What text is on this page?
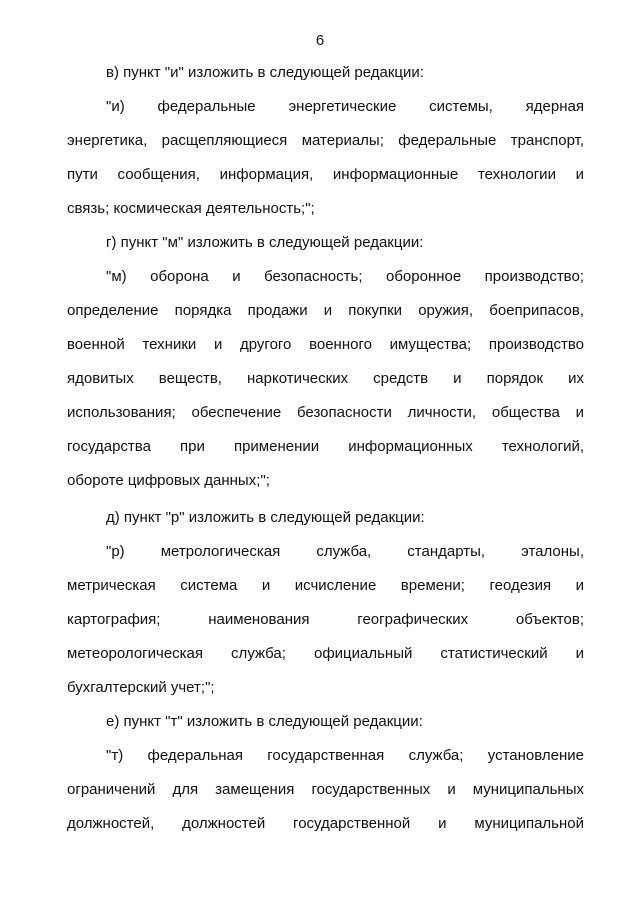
6
в) пункт "и" изложить в следующей редакции:
"и) федеральные энергетические системы, ядерная
энергетика, расщепляющиеся материалы; федеральные транспорт,
пути сообщения, информация, информационные технологии и
связь; космическая деятельность;";
г) пункт "м" изложить в следующей редакции:
"м) оборона и безопасность; оборонное производство;
определение порядка продажи и покупки оружия, боеприпасов,
военной техники и другого военного имущества; производство
ядовитых веществ, наркотических средств и порядок их
использования; обеспечение безопасности личности, общества и
государства при применении информационных технологий,
обороте цифровых данных;";
д) пункт "р" изложить в следующей редакции:
"р) метрологическая служба, стандарты, эталоны,
метрическая система и исчисление времени; геодезия и
картография; наименования географических объектов;
метеорологическая служба; официальный статистический и
бухгалтерский учет;";
е) пункт "т" изложить в следующей редакции:
"т) федеральная государственная служба; установление
ограничений для замещения государственных и муниципальных
должностей, должностей государственной и муниципальной
